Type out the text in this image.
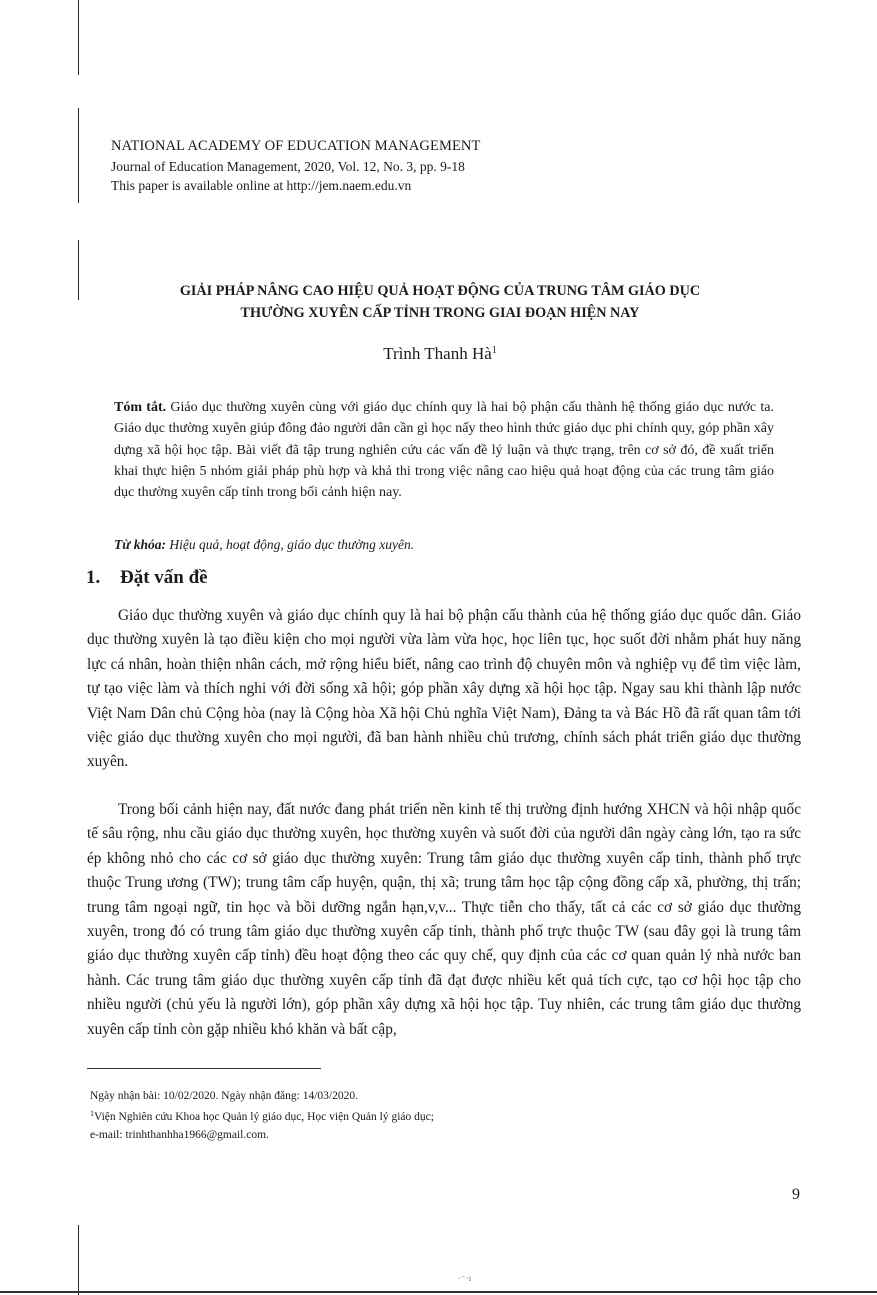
NATIONAL ACADEMY OF EDUCATION MANAGEMENT
Journal of Education Management, 2020, Vol. 12, No. 3, pp. 9-18
This paper is available online at http://jem.naem.edu.vn
GIẢI PHÁP NÂNG CAO HIỆU QUẢ HOẠT ĐỘNG CỦA TRUNG TÂM GIÁO DỤC
THƯỜNG XUYÊN CẤP TỈNH TRONG GIAI ĐOẠN HIỆN NAY
Trình Thanh $Hà^1$
Tóm tắt. Giáo dục thường xuyên cùng với giáo dục chính quy là hai bộ phận cấu thành hệ thống giáo dục nước ta. Giáo dục thường xuyên giúp đông đảo người dân cần gì học nấy theo hình thức giáo dục phi chính quy, góp phần xây dựng xã hội học tập. Bài viết đã tập trung nghiên cứu các vấn đề lý luận và thực trạng, trên cơ sở đó, đề xuất triển khai thực hiện 5 nhóm giải pháp phù hợp và khả thi trong việc nâng cao hiệu quả hoạt động của các trung tâm giáo dục thường xuyên cấp tỉnh trong bối cảnh hiện nay.
Từ khóa: Hiệu quả, hoạt động, giáo dục thường xuyên.
1. Đặt vấn đề

Giáo dục thường xuyên và giáo dục chính quy là hai bộ phận cấu thành của hệ thống giáo dục quốc dân. Giáo dục thường xuyên là tạo điều kiện cho mọi người vừa làm vừa học, học liên tục, học suốt đời nhằm phát huy năng lực cá nhân, hoàn thiện nhân cách, mở rộng hiểu biết, nâng cao trình độ chuyên môn và nghiệp vụ để tìm việc làm, tự tạo việc làm và thích nghi với đời sống xã hội; góp phần xây dựng xã hội học tập. Ngay sau khi thành lập nước Việt Nam Dân chủ Cộng hòa (nay là Cộng hòa Xã hội Chủ nghĩa Việt Nam), Đảng ta và Bác Hồ đã rất quan tâm tới việc giáo dục thường xuyên cho mọi người, đã ban hành nhiều chủ trương, chính sách phát triển giáo dục thường xuyên.

Trong bối cảnh hiện nay, đất nước đang phát triển nền kinh tế thị trường định hướng XHCN và hội nhập quốc tế sâu rộng, nhu cầu giáo dục thường xuyên, học thường xuyên và suốt đời của người dân ngày càng lớn, tạo ra sức ép không nhỏ cho các cơ sở giáo dục thường xuyên: Trung tâm giáo dục thường xuyên cấp tỉnh, thành phố trực thuộc Trung ương (TW); trung tâm cấp huyện, quận, thị xã; trung tâm học tập cộng đồng cấp xã, phường, thị trấn; trung tâm ngoại ngữ, tin học và bồi dưỡng ngắn hạn,v,v... Thực tiễn cho thấy, tất cả các cơ sở giáo dục thường xuyên, trong đó có trung tâm giáo dục thường xuyên cấp tỉnh, thành phố trực thuộc TW (sau đây gọi là trung tâm giáo dục thường xuyên cấp tỉnh) đều hoạt động theo các quy chế, quy định của các cơ quan quản lý nhà nước ban hành. Các trung tâm giáo dục thường xuyên cấp tỉnh đã đạt được nhiều kết quả tích cực, tạo cơ hội học tập cho nhiều người (chủ yếu là người lớn), góp phần xây dựng xã hội học tập. Tuy nhiên, các trung tâm giáo dục thường xuyên cấp tỉnh còn gặp nhiều khó khăn và bất cập,

Ngày nhận bài: 10/02/2020. Ngày nhận đăng: 14/03/2020.
$^1$Viện Nghiên cứu Khoa học Quản lý giáo dục, Học viện Quản lý giáo dục;
e-mail: trinhthanhha1966@gmail.com.
9
·⁻·ı
